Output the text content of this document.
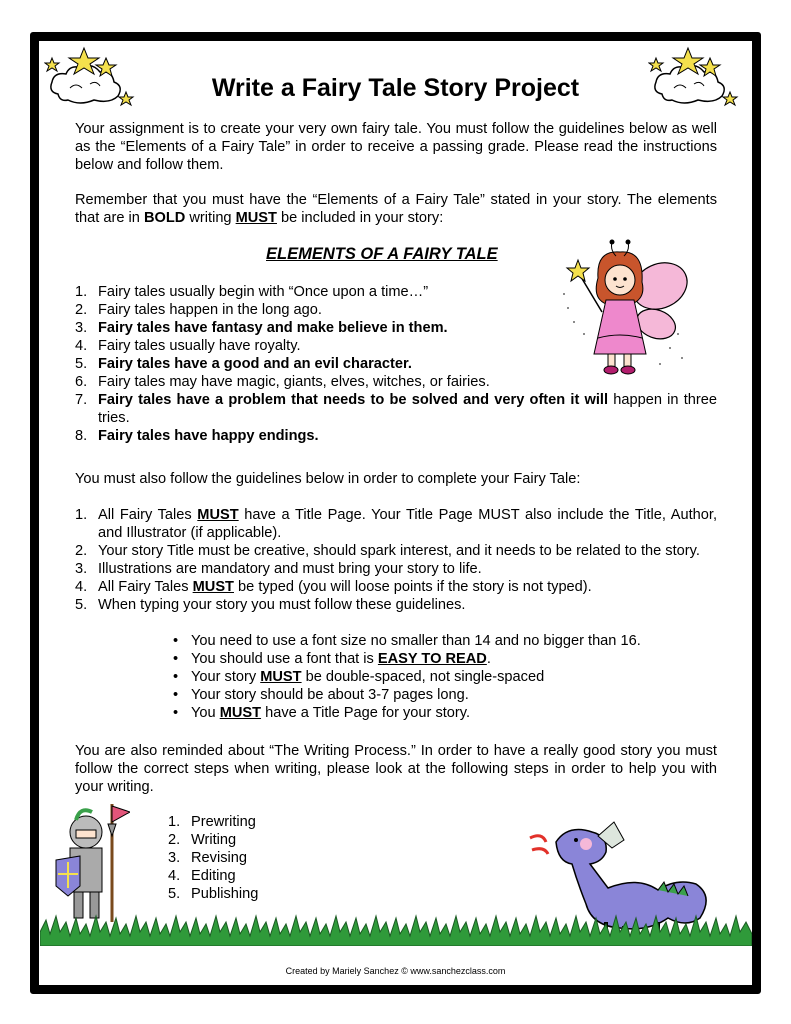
Write a Fairy Tale Story Project
Your assignment is to create your very own fairy tale. You must follow the guidelines below as well as the “Elements of a Fairy Tale” in order to receive a passing grade. Please read the instructions below and follow them.
Remember that you must have the “Elements of a Fairy Tale” stated in your story. The elements that are in BOLD writing MUST be included in your story:
ELEMENTS OF A FAIRY TALE
1. Fairy tales usually begin with “Once upon a time…”
2. Fairy tales happen in the long ago.
3. Fairy tales have fantasy and make believe in them.
4. Fairy tales usually have royalty.
5. Fairy tales have a good and an evil character.
6. Fairy tales may have magic, giants, elves, witches, or fairies.
7. Fairy tales have a problem that needs to be solved and very often it will happen in three tries.
8. Fairy tales have happy endings.
You must also follow the guidelines below in order to complete your Fairy Tale:
1. All Fairy Tales MUST have a Title Page. Your Title Page MUST also include the Title, Author, and Illustrator (if applicable).
2. Your story Title must be creative, should spark interest, and it needs to be related to the story.
3. Illustrations are mandatory and must bring your story to life.
4. All Fairy Tales MUST be typed (you will loose points if the story is not typed).
5. When typing your story you must follow these guidelines.
• You need to use a font size no smaller than 14 and no bigger than 16.
• You should use a font that is EASY TO READ.
• Your story MUST be double-spaced, not single-spaced
• Your story should be about 3-7 pages long.
• You MUST have a Title Page for your story.
You are also reminded about “The Writing Process.” In order to have a really good story you must follow the correct steps when writing, please look at the following steps in order to help you with your writing.
1. Prewriting
2. Writing
3. Revising
4. Editing
5. Publishing
Created by Mariely Sanchez © www.sanchezclass.com
